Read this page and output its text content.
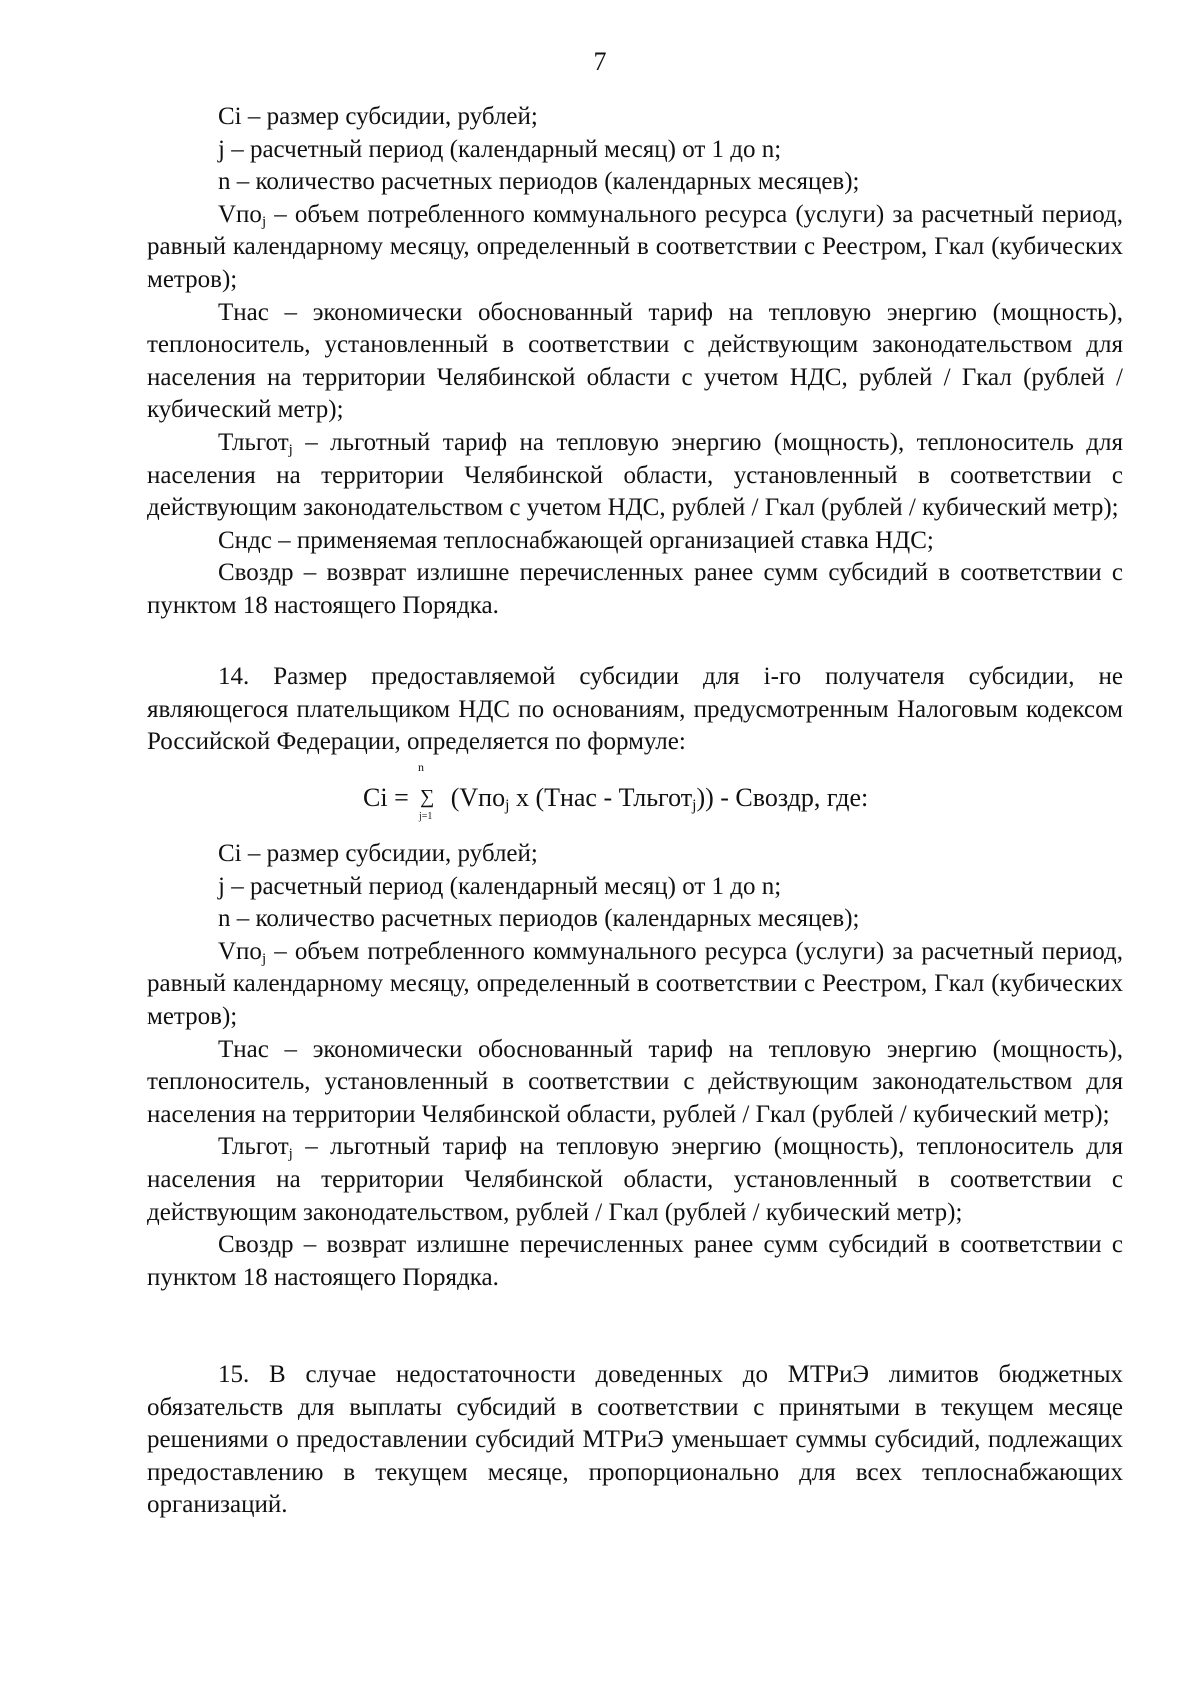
7

Ci – размер субсидии, рублей;

j – расчетный период (календарный месяц) от 1 до n;

n – количество расчетных периодов (календарных месяцев);

Vпо$_j$ – объем потребленного коммунального ресурса (услуги) за расчетный период, равный календарному месяцу, определенный в соответствии с Реестром, Гкал (кубических метров);

Тнас – экономически обоснованный тариф на тепловую энергию (мощность), теплоноситель, установленный в соответствии с действующим законодательством для населения на территории Челябинской области с учетом НДС, рублей / Гкал (рублей / кубический метр);

Тльгот$_j$ – льготный тариф на тепловую энергию (мощность), теплоноситель для населения на территории Челябинской области, установленный в соответствии с действующим законодательством с учетом НДС, рублей / Гкал (рублей / кубический метр);

Сндс – применяемая теплоснабжающей организацией ставка НДС;

Своздр – возврат излишне перечисленных ранее сумм субсидий в соответствии с пунктом 18 настоящего Порядка.

14. Размер предоставляемой субсидии для i-го получателя субсидии, не являющегося плательщиком НДС по основаниям, предусмотренным Налоговым кодексом Российской Федерации, определяется по формуле:

n
∑
j=1
Ci = (Vпо$_j$ x (Тнас - Тльгот$_j$)) - Своздр, где:

Ci – размер субсидии, рублей;

j – расчетный период (календарный месяц) от 1 до n;

n – количество расчетных периодов (календарных месяцев);

Vпо$_j$ – объем потребленного коммунального ресурса (услуги) за расчетный период, равный календарному месяцу, определенный в соответствии с Реестром, Гкал (кубических метров);

Тнас – экономически обоснованный тариф на тепловую энергию (мощность), теплоноситель, установленный в соответствии с действующим законодательством для населения на территории Челябинской области, рублей / Гкал (рублей / кубический метр);

Тльгот$_j$ – льготный тариф на тепловую энергию (мощность), теплоноситель для населения на территории Челябинской области, установленный в соответствии с действующим законодательством, рублей / Гкал (рублей / кубический метр);

Своздр – возврат излишне перечисленных ранее сумм субсидий в соответствии с пунктом 18 настоящего Порядка.

15. В случае недостаточности доведенных до МТРиЭ лимитов бюджетных обязательств для выплаты субсидий в соответствии с принятыми в текущем месяце решениями о предоставлении субсидий МТРиЭ уменьшает суммы субсидий, подлежащих предоставлению в текущем месяце, пропорционально для всех теплоснабжающих организаций.
